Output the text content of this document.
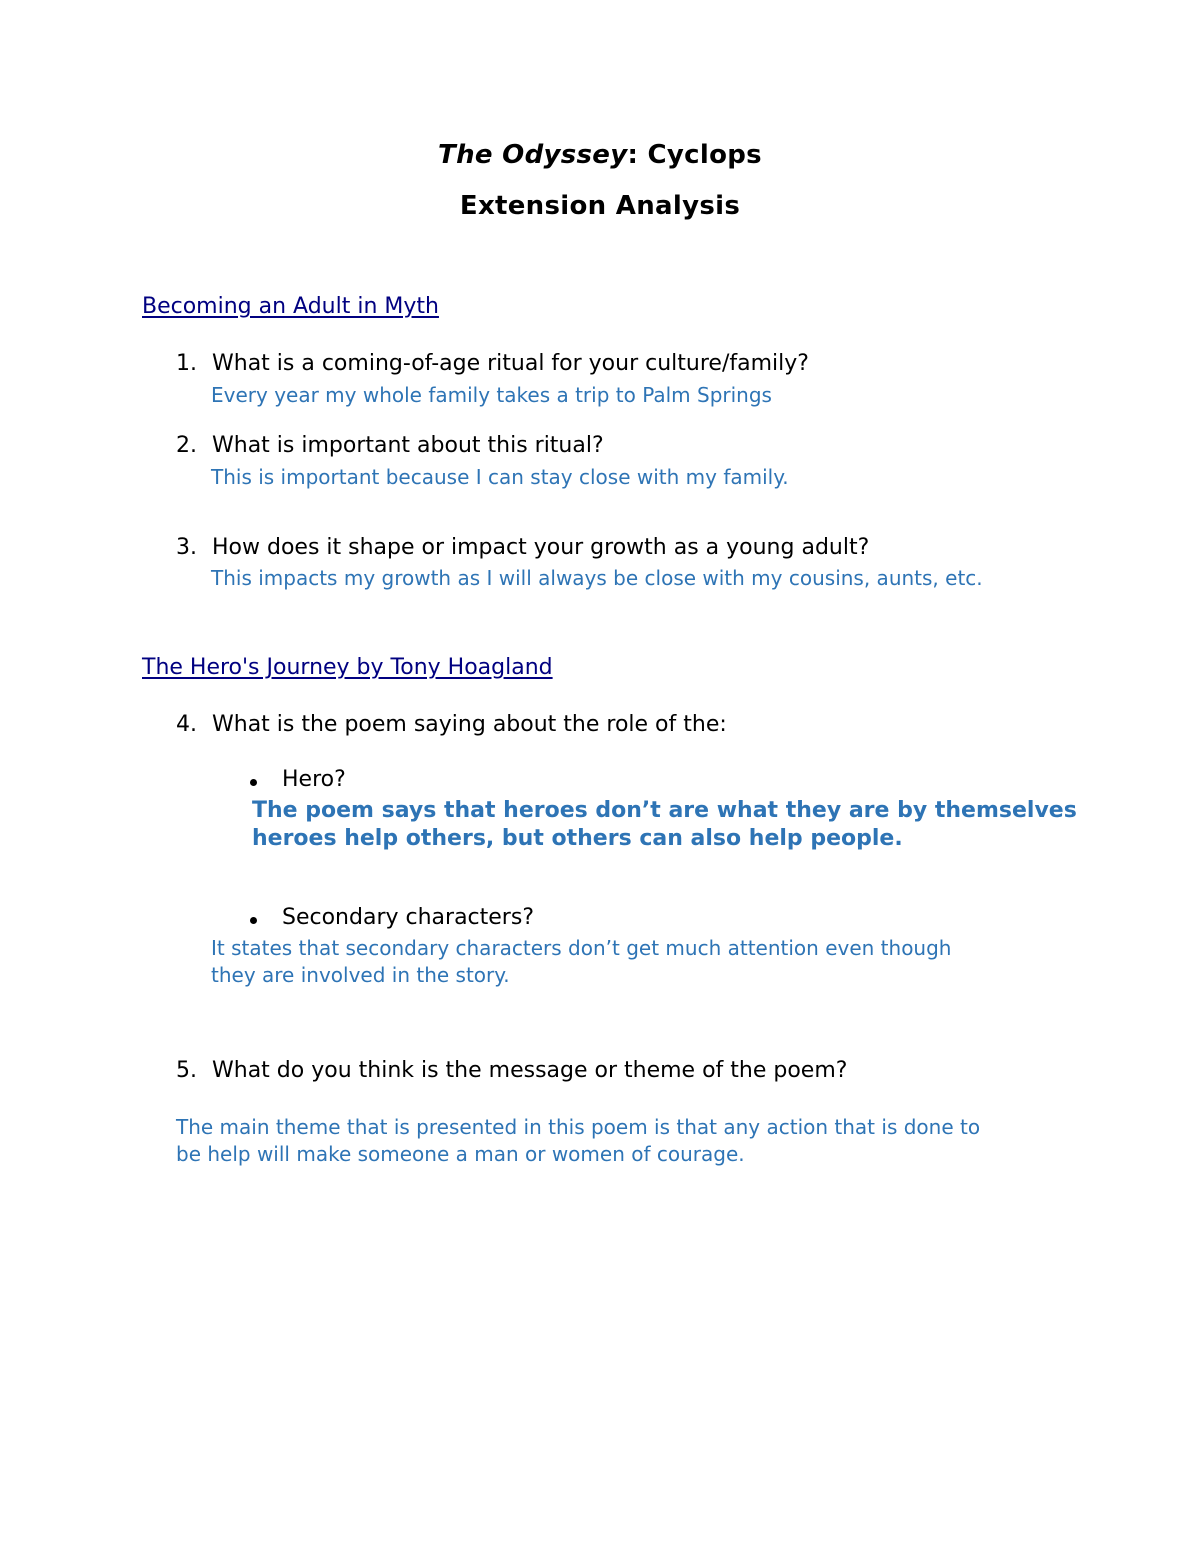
The Odyssey: Cyclops
Extension Analysis
Becoming an Adult in Myth
1. What is a coming-of-age ritual for your culture/family?

Every year my whole family takes a trip to Palm Springs

2. What is important about this ritual?

This is important because I can stay close with my family.

3. How does it shape or impact your growth as a young adult?

This impacts my growth as I will always be close with my cousins, aunts, etc.

The Hero's Journey by Tony Hoagland
4. What is the poem saying about the role of the:
Hero?
The poem says that heroes don’t are what they are by themselves
heroes help others, but others can also help people.
Secondary characters?
It states that secondary characters don’t get much attention even though
they are involved in the story.
5. What do you think is the message or theme of the poem?
The main theme that is presented in this poem is that any action that is done to
be help will make someone a man or women of courage.
